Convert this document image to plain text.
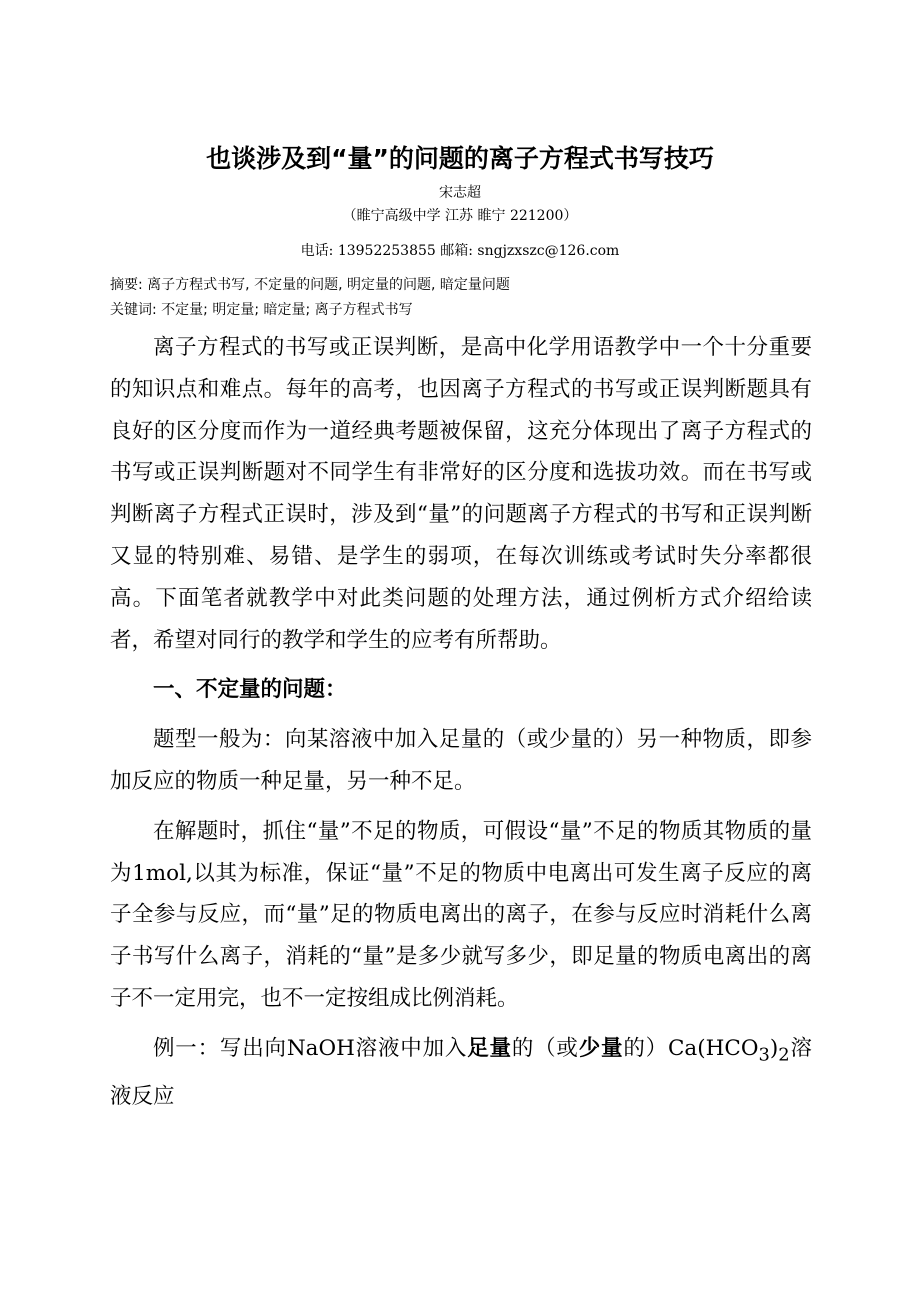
也谈涉及到“量”的问题的离子方程式书写技巧
宋志超
（睢宁高级中学 江苏 睢宁 221200）
电话: 13952253855 邮箱: sngjzxszc@126.com
摘要: 离子方程式书写, 不定量的问题, 明定量的问题, 暗定量问题
关键词: 不定量; 明定量; 暗定量; 离子方程式书写

离子方程式的书写或正误判断，是高中化学用语教学中一个十分重要的知识点和难点。每年的高考，也因离子方程式的书写或正误判断题具有良好的区分度而作为一道经典考题被保留，这充分体现出了离子方程式的书写或正误判断题对不同学生有非常好的区分度和选拔功效。而在书写或判断离子方程式正误时，涉及到“量”的问题离子方程式的书写和正误判断又显的特别难、易错、是学生的弱项，在每次训练或考试时失分率都很高。下面笔者就教学中对此类问题的处理方法，通过例析方式介绍给读者，希望对同行的教学和学生的应考有所帮助。

一、不定量的问题：

题型一般为：向某溶液中加入足量的（或少量的）另一种物质，即参加反应的物质一种足量，另一种不足。

在解题时，抓住“量”不足的物质，可假设“量”不足的物质其物质的量为1mol,以其为标准，保证“量”不足的物质中电离出可发生离子反应的离子全参与反应，而“量”足的物质电离出的离子，在参与反应时消耗什么离子书写什么离子，消耗的“量”是多少就写多少，即足量的物质电离出的离子不一定用完，也不一定按组成比例消耗。

例一：写出向NaOH溶液中加入足量的（或少量的）$Ca(HCO_3)_2$溶液反应
